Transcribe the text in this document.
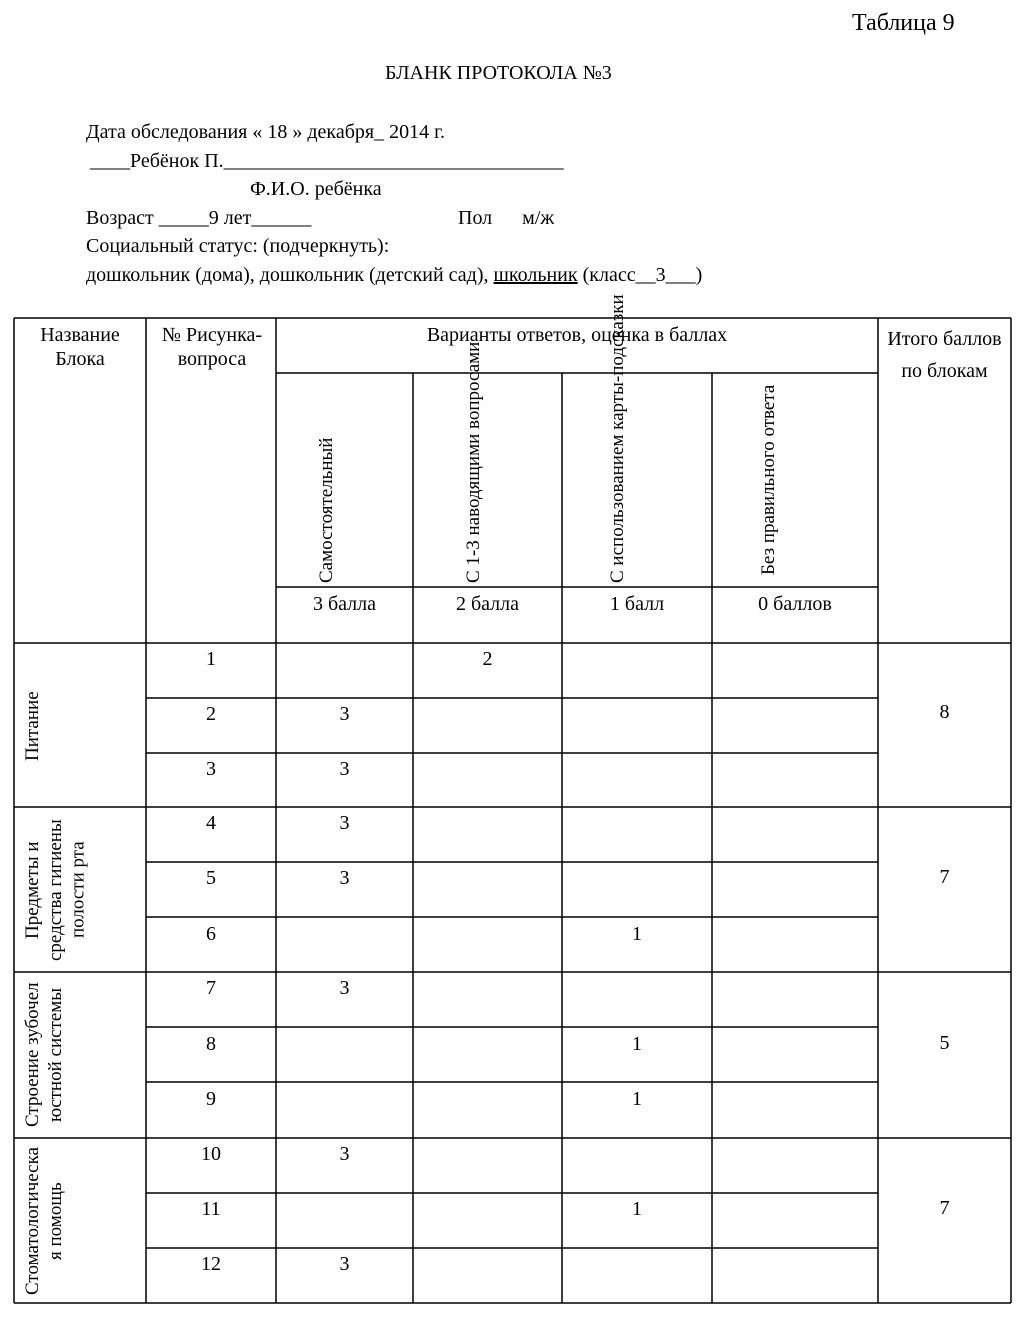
Таблица 9
БЛАНК ПРОТОКОЛА №3
Дата обследования « 18 » декабря_ 2014 г.
____Ребёнок П.__________________________________
Ф.И.О. ребёнка
Возраст _____9 лет______	Пол      м/ж
Социальный статус: (подчеркнуть):
дошкольник (дома), дошкольник (детский сад), школьник (класс__3___)
Название Блока
№ Рисунка-вопроса
Варианты ответов, оценка в баллах	Итого баллов по блокам
Самостоятельный	С 1-3 наводящими вопросами	С использованием карты-подсказки	Без правильного ответа
3 балла	2 балла	1 балл	0 баллов
Питание
Предметы и средства гигиены полости рта
Строение зубочелюстной системы
Стоматологическая помощь
8
7
5
7
1	2
2	3
3	3
4	3
5	3
6	1
7	3
8	1
9	1
10	3
11	1
12	3
